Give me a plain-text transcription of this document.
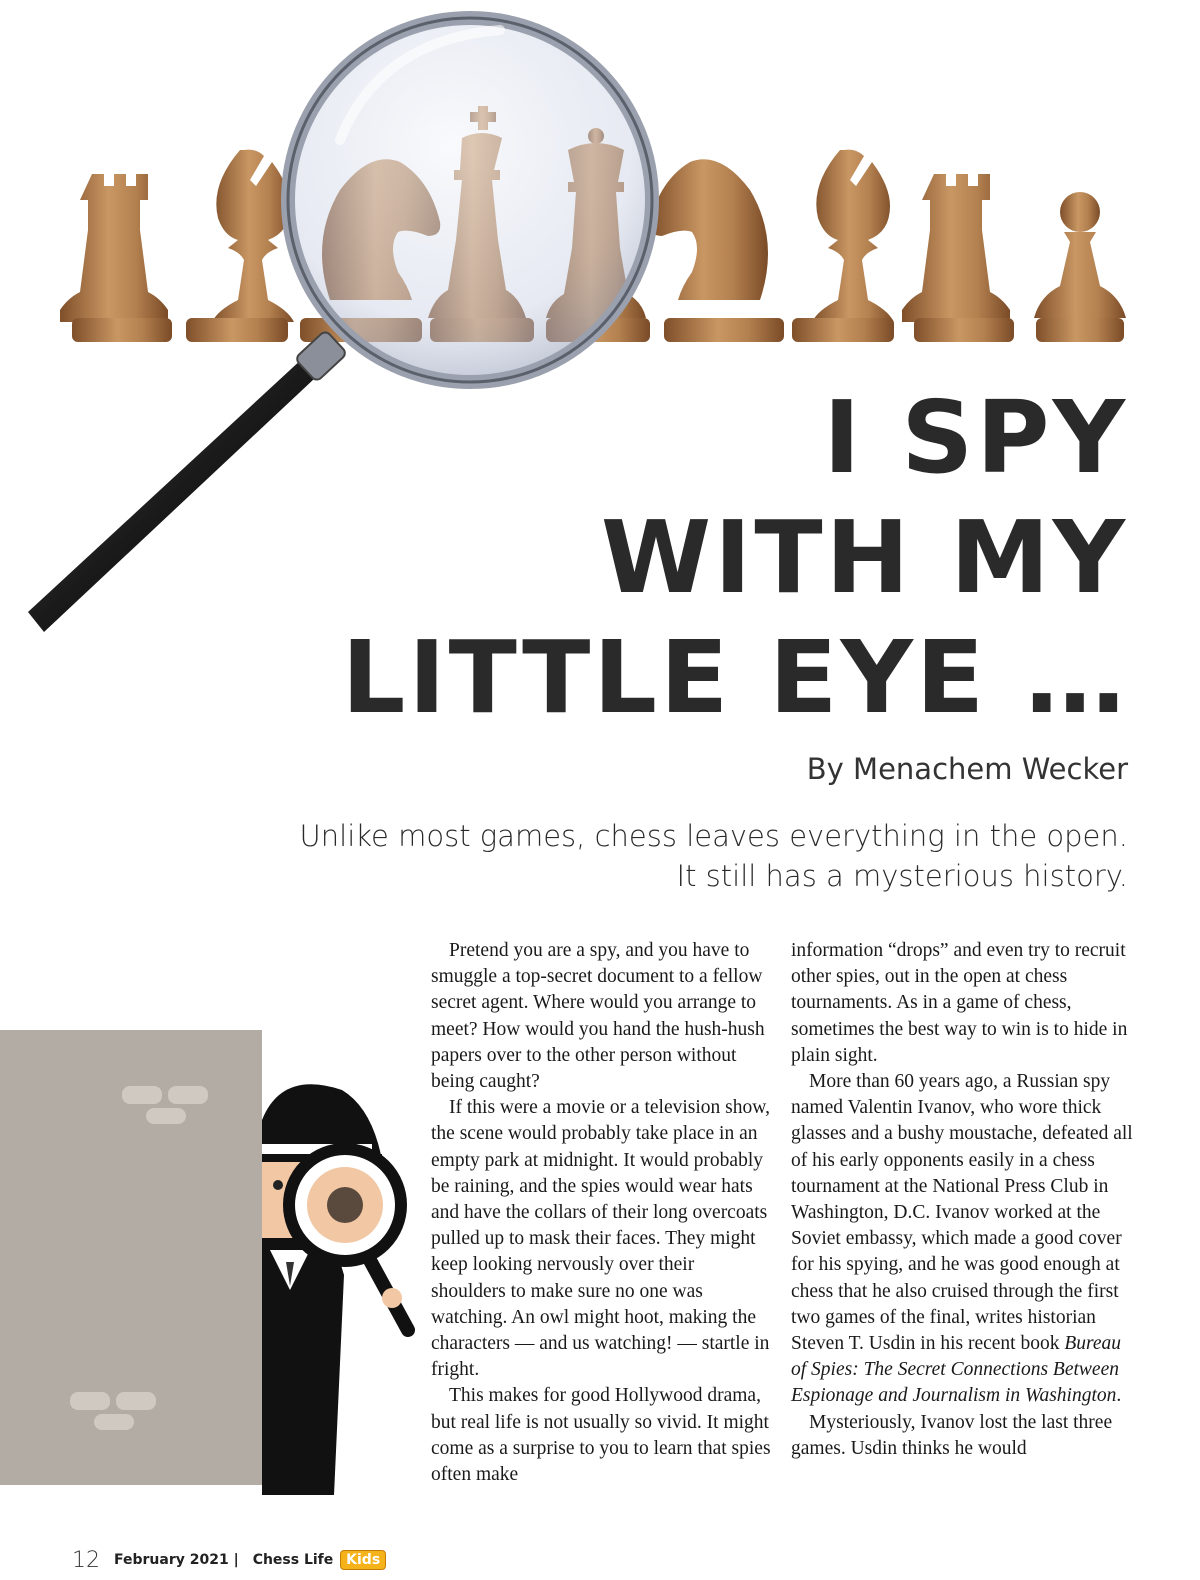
I SPY
WITH MY
LITTLE EYE …
By Menachem Wecker
Unlike most games, chess leaves everything in the open.
It still has a mysterious history.

Pretend you are a spy, and you have to smuggle a top-secret document to a fellow secret agent. Where would you arrange to meet? How would you hand the hush-hush papers over to the other person without being caught?

If this were a movie or a television show, the scene would probably take place in an empty park at midnight. It would probably be raining, and the spies would wear hats and have the collars of their long overcoats pulled up to mask their faces. They might keep looking nervously over their shoulders to make sure no one was watching. An owl might hoot, making the characters — and us watching! — startle in fright.

This makes for good Hollywood drama, but real life is not usually so vivid. It might come as a surprise to you to learn that spies often make

information “drops” and even try to recruit other spies, out in the open at chess tournaments. As in a game of chess, sometimes the best way to win is to hide in plain sight.

More than 60 years ago, a Russian spy named Valentin Ivanov, who wore thick glasses and a bushy moustache, defeated all of his early opponents easily in a chess tournament at the National Press Club in Washington, D.C. Ivanov worked at the Soviet embassy, which made a good cover for his spying, and he was good enough at chess that he also cruised through the first two games of the final, writes historian Steven T. Usdin in his recent book Bureau of Spies: The Secret Connections Between Espionage and Journalism in Washington.

Mysteriously, Ivanov lost the last three games. Usdin thinks he would

12 February 2021 | Chess Life Kids
